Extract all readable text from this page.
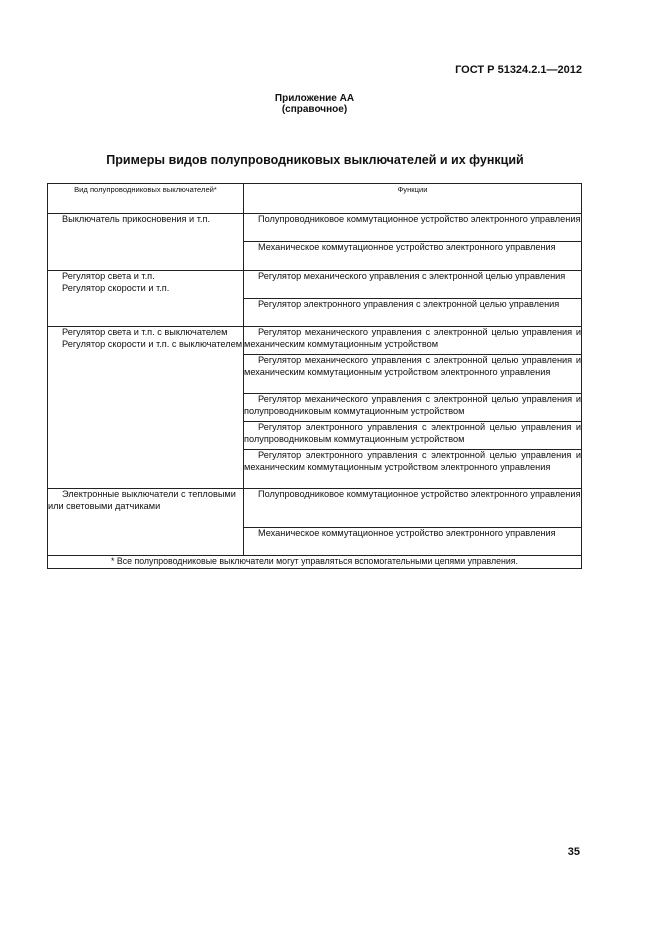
ГОСТ Р 51324.2.1—2012
Приложение АА
(справочное)
Примеры видов полупроводниковых выключателей и их функций
Вид полупроводниковых выключателей*	Функции

Выключатель прикосновения и т.п.	Полупроводниковое коммутационное устройство электронного управления

	Механическое коммутационное устройство электронного управления

Регулятор света и т.п.
Регулятор скорости и т.п.	Регулятор механического управления с электронной целью управления

	Регулятор электронного управления с электронной целью управления

Регулятор света и т.п. с выключателем
Регулятор скорости и т.п. с выключателем	Регулятор механического управления с электронной целью управления и механическим коммутационным устройством

	Регулятор механического управления с электронной целью управления и механическим коммутационным устройством электронного управления

	Регулятор механического управления с электронной целью управления и полупроводниковым коммутационным устройством

	Регулятор электронного управления с электронной целью управления и полупроводниковым коммутационным устройством

	Регулятор электронного управления с электронной целью управления и механическим коммутационным устройством электронного управления

Электронные выключатели с тепловыми или световыми датчиками	Полупроводниковое коммутационное устройство электронного управления

	Механическое коммутационное устройство электронного управления

* Все полупроводниковые выключатели могут управляться вспомогательными цепями управления.	
35
